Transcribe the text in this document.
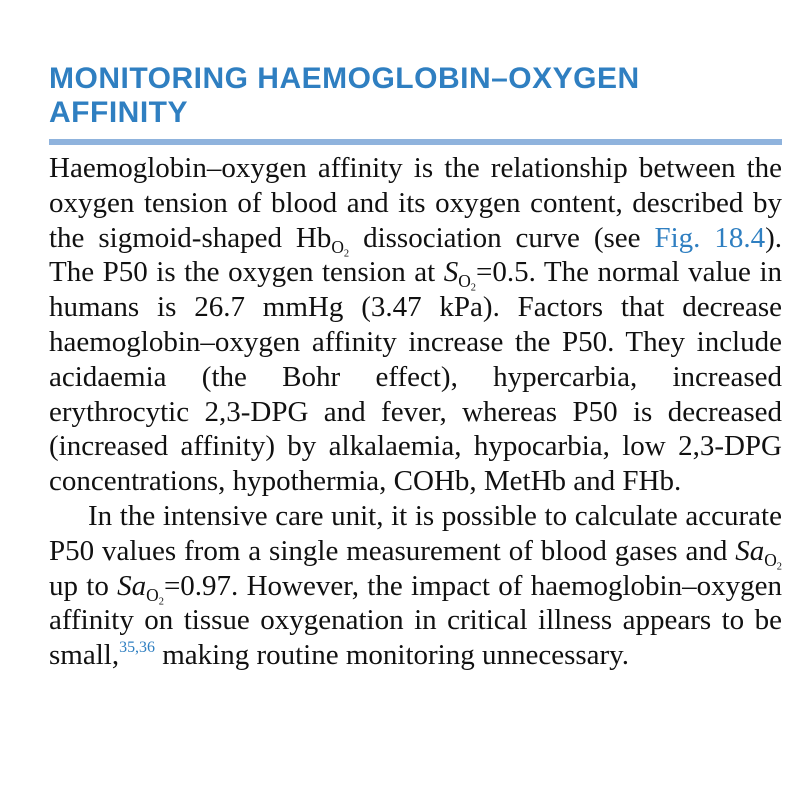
MONITORING HAEMOGLOBIN–OXYGEN
AFFINITY

Haemoglobin–oxygen affinity is the relationship between the oxygen tension of blood and its oxygen content, described by the sigmoid-shaped $Hb_{O_2}$ dissociation curve (see Fig. 18.4). The P50 is the oxygen tension at $S_{O_2}=0.5$. The normal value in humans is 26.7 mmHg (3.47 kPa). Factors that decrease haemoglobin–oxygen affinity increase the P50. They include acidaemia (the Bohr effect), hypercarbia, increased erythrocytic 2,3-DPG and fever, whereas P50 is decreased (increased affinity) by alkalaemia, hypocarbia, low 2,3-DPG concentrations, hypothermia, COHb, MetHb and FHb.

In the intensive care unit, it is possible to calculate accurate P50 values from a single measurement of blood gases and $Sa_{O_2}$ up to $Sa_{O_2}=0.97$. However, the impact of haemoglobin–oxygen affinity on tissue oxygenation in critical illness appears to be small,$^{35,36}$ making routine monitoring unnecessary.
